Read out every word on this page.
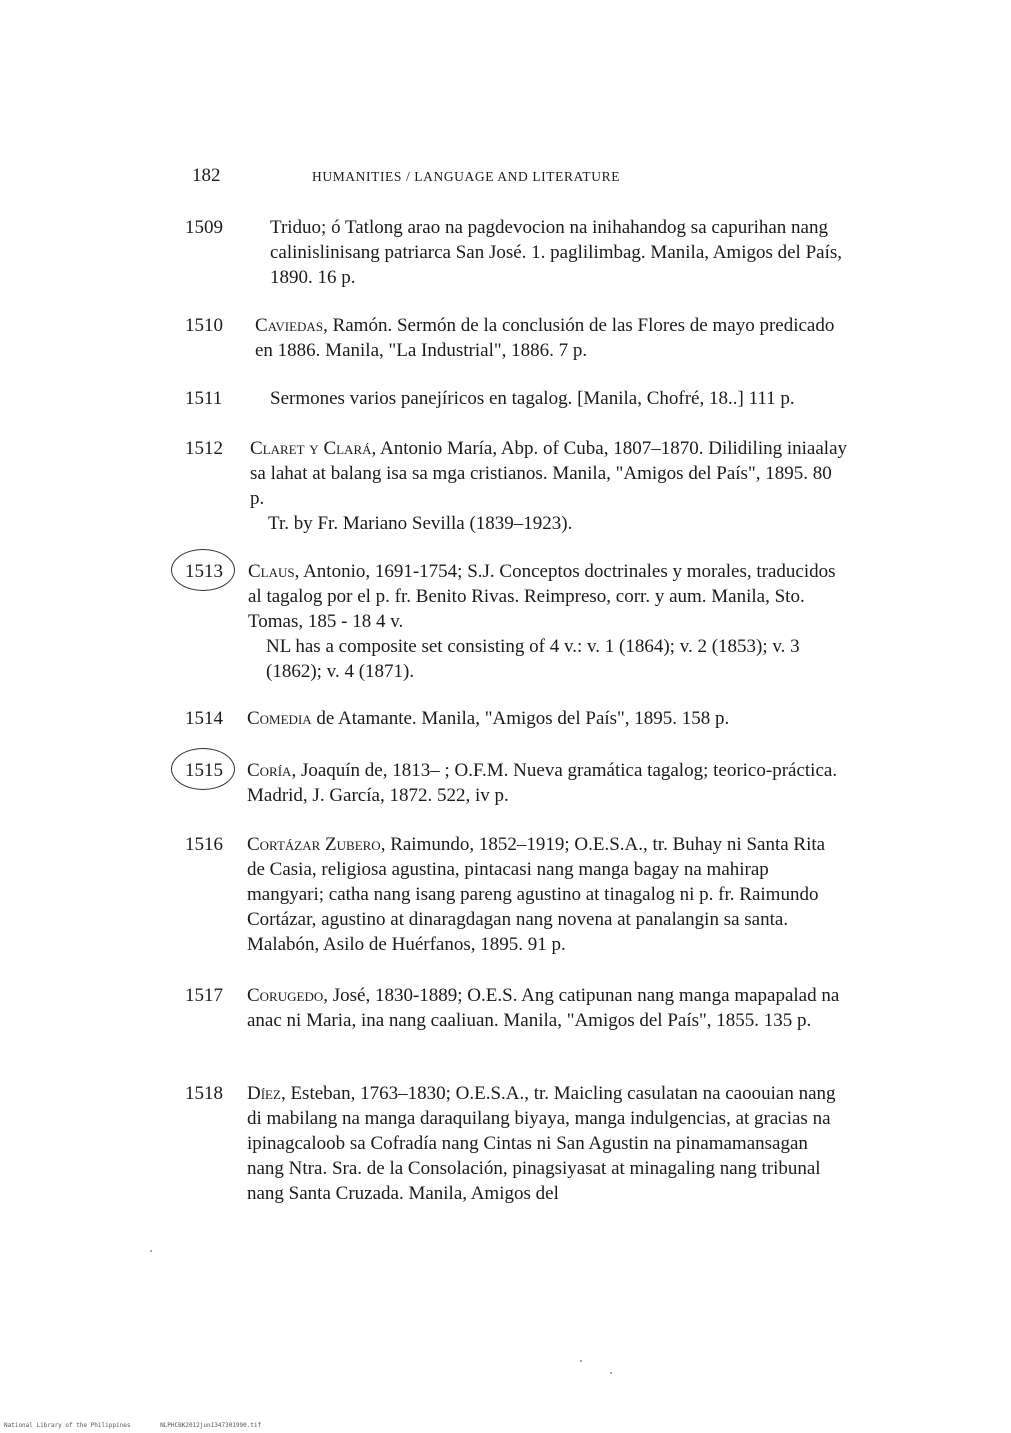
182	HUMANITIES / LANGUAGE AND LITERATURE
1509	Triduo; ó Tatlong arao na pagdevocion na inihahandog sa capurihan nang calinislinisang patriarca San José. 1. paglilimbag. Manila, Amigos del País, 1890. 16 p.
1510	Caviedas, Ramón. Sermón de la conclusión de las Flores de mayo predicado en 1886. Manila, "La Industrial", 1886. 7 p.
1511	Sermones varios panejíricos en tagalog. [Manila, Chofré, 18..] 111 p.
1512	Claret y Clará, Antonio María, Abp. of Cuba, 1807–1870. Dilidiling iniaalay sa lahat at balang isa sa mga cristianos. Manila, "Amigos del País", 1895. 80 p.
Tr. by Fr. Mariano Sevilla (1839–1923).
1513	Claus, Antonio, 1691-1754; S.J. Conceptos doctrinales y morales, traducidos al tagalog por el p. fr. Benito Rivas. Reimpreso, corr. y aum. Manila, Sto. Tomas, 185 - 18 4 v.
NL has a composite set consisting of 4 v.: v. 1 (1864); v. 2 (1853); v. 3 (1862); v. 4 (1871).
1514	Comedia de Atamante. Manila, "Amigos del País", 1895. 158 p.
1515	Coría, Joaquín de, 1813– ; O.F.M. Nueva gramática tagalog; teorico-práctica. Madrid, J. García, 1872. 522, iv p.
1516	Cortázar Zubero, Raimundo, 1852–1919; O.E.S.A., tr. Buhay ni Santa Rita de Casia, religiosa agustina, pintacasi nang manga bagay na mahirap mangyari; catha nang isang pareng agustino at tinagalog ni p. fr. Raimundo Cortázar, agustino at dinaragdagan nang novena at panalangin sa santa. Malabón, Asilo de Huérfanos, 1895. 91 p.
1517	Corugedo, José, 1830-1889; O.E.S. Ang catipunan nang manga mapapalad na anac ni Maria, ina nang caaliuan. Manila, "Amigos del País", 1855. 135 p.
1518	Díez, Esteban, 1763–1830; O.E.S.A., tr. Maicling casulatan na caoouian nang di mabilang na manga daraquilang biyaya, manga indulgencias, at gracias na ipinagcaloob sa Cofradía nang Cintas ni San Agustin na pinamamansagan nang Ntra. Sra. de la Consolación, pinagsiyasat at minagaling nang tribunal nang Santa Cruzada. Manila, Amigos del
National Library of the Philippines	NLPHCBK2012jun1347301990.tif
